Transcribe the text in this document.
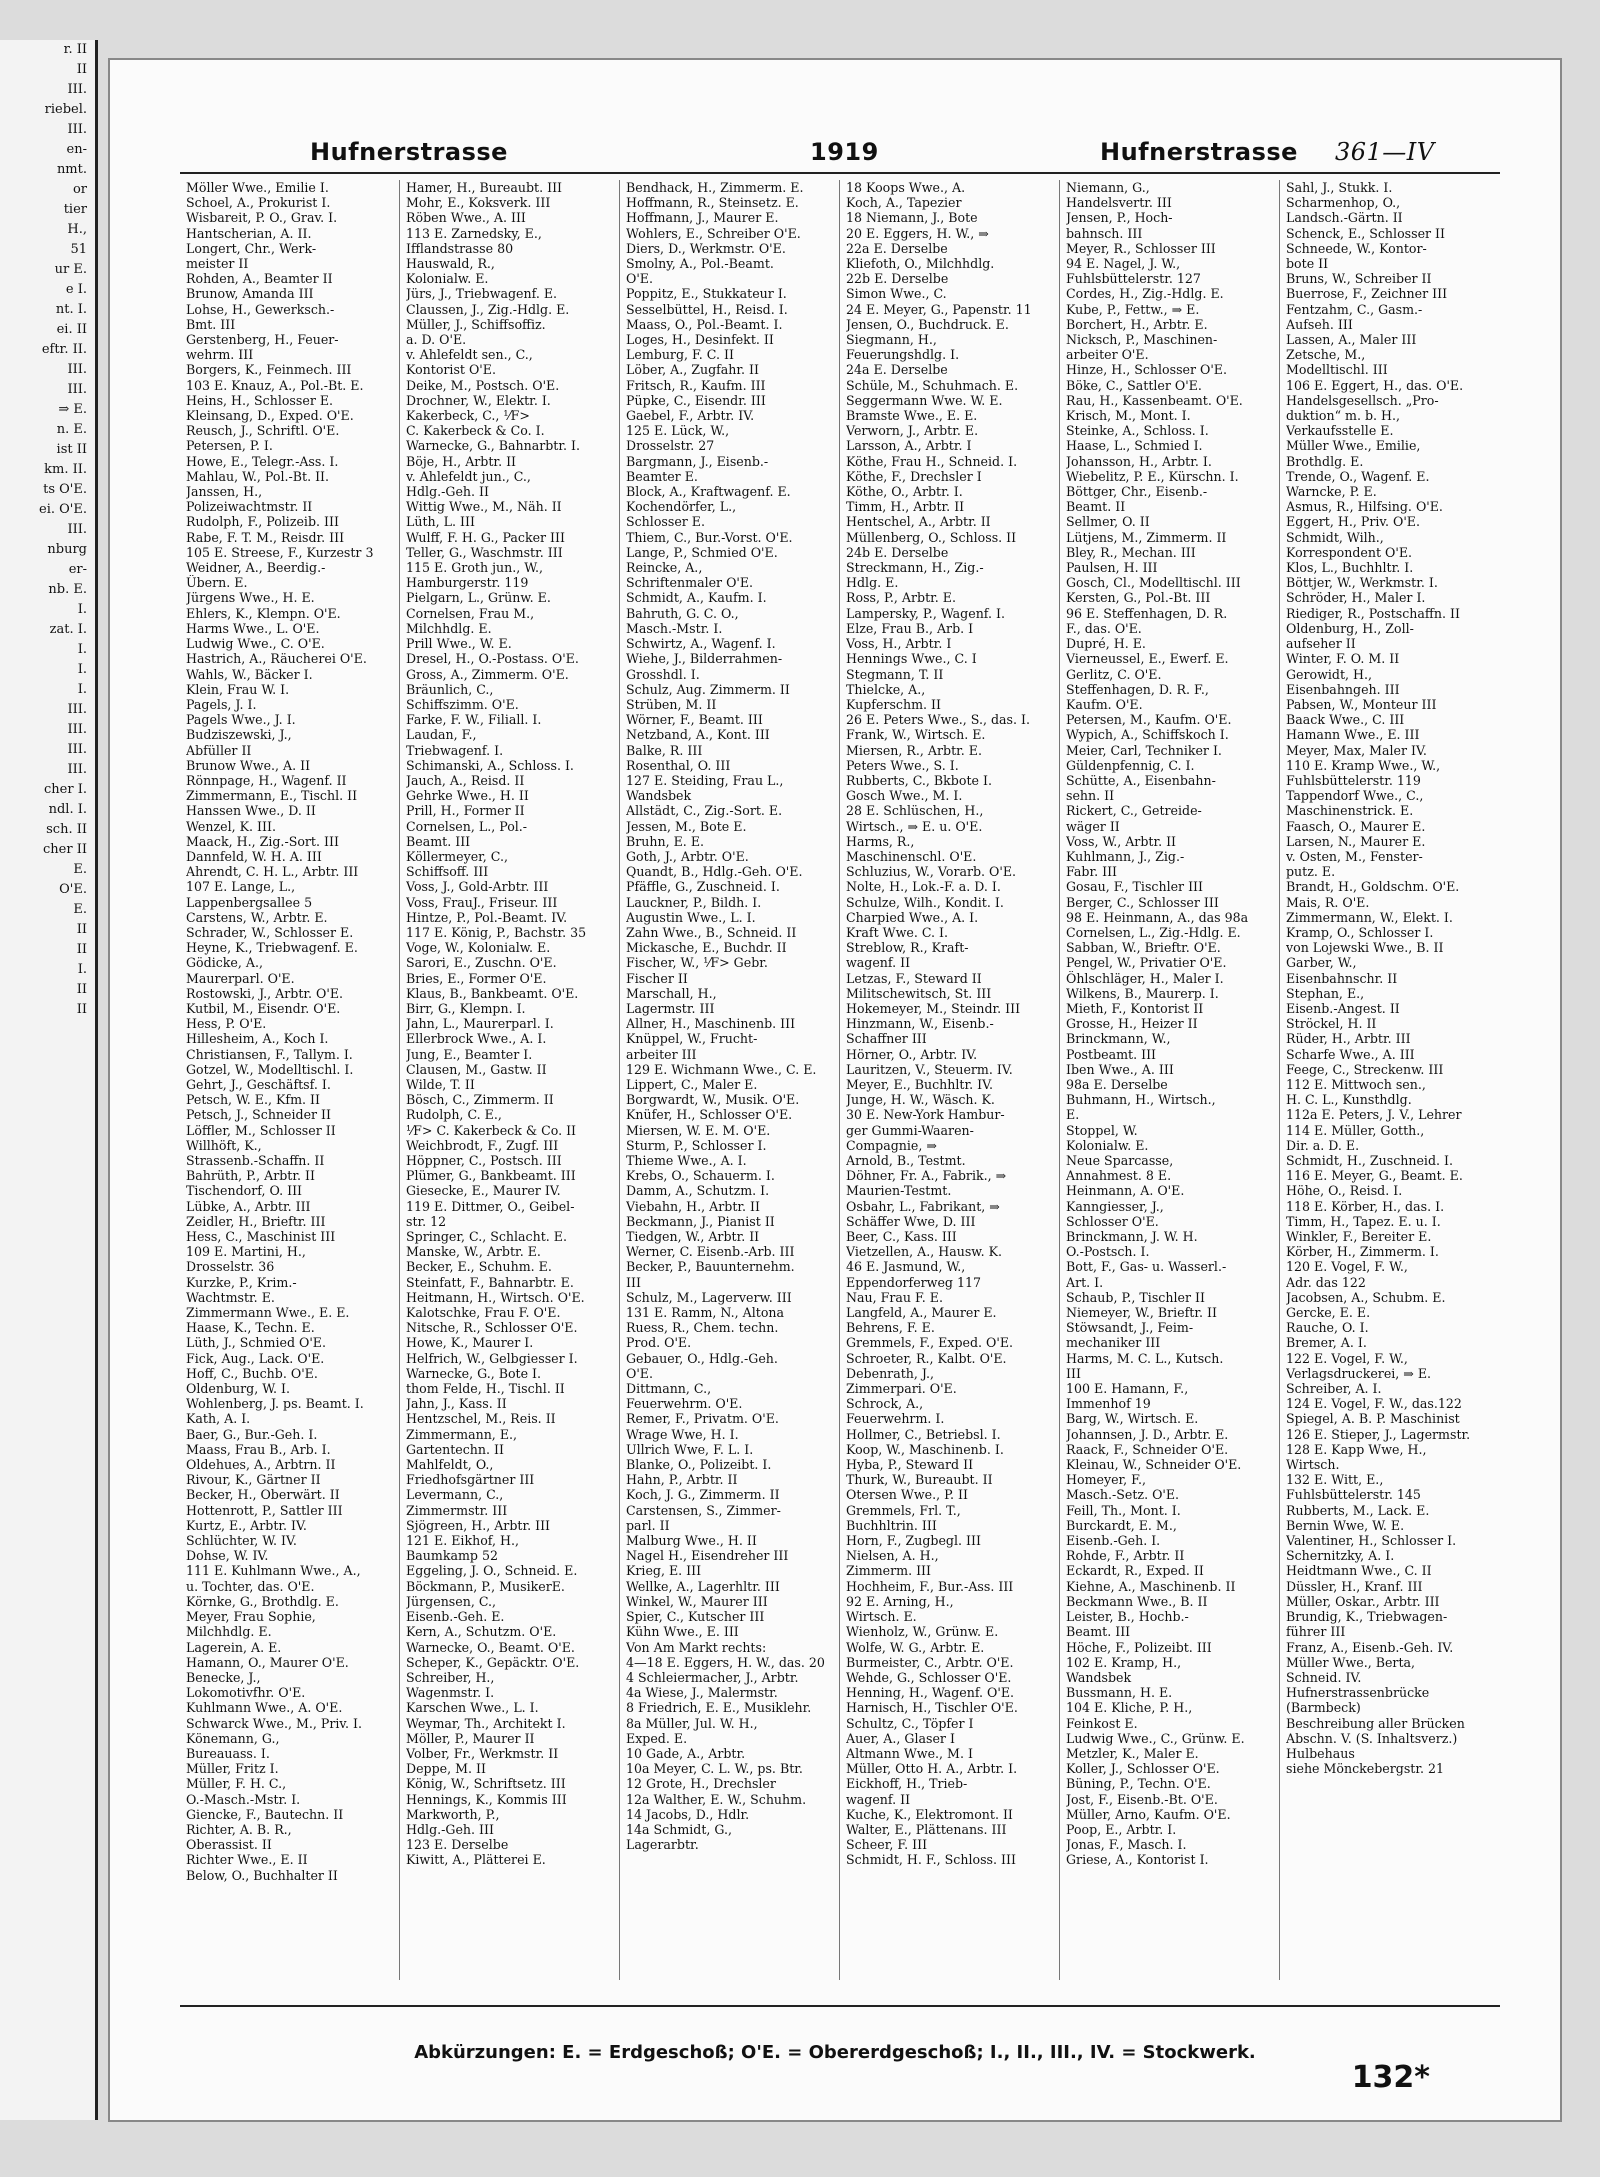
r. II
II
III.
riebel.
III.
en-
nmt.
or
tier
H.,
51
ur E.
e I.
nt. I.
ei. II
eftr. II.
III.
III.
⇒ E.
n. E.
ist II
km. II.
ts O'E.
ei. O'E.
III.
nburg
er-
nb. E.
I.
zat. I.
I.
I.
I.
III.
III.
III.
III.
cher I.
ndl. I.
sch. II
cher II
E.
O'E.
E.
II
II
I.
II
II
Hufnerstrasse	1919	Hufnerstrasse 361—IV
Möller Wwe., Emilie I.
Schoel, A., Prokurist I.
Wisbareit, P. O., Grav. I.
Hantscherian, A. II.
Longert, Chr., Werk-
meister II
Rohden, A., Beamter II
Brunow, Amanda III
Lohse, H., Gewerksch.-
Bmt. III
Gerstenberg, H., Feuer-
wehrm. III
Borgers, K., Feinmech. III
103 E. Knauz, A., Pol.-Bt. E.
Heins, H., Schlosser E.
Kleinsang, D., Exped. O'E.
Reusch, J., Schriftl. O'E.
Petersen, P. I.
Howe, E., Telegr.-Ass. I.
Mahlau, W., Pol.-Bt. II.
Janssen, H.,
Polizeiwachtmstr. II
Rudolph, F., Polizeib. III
Rabe, F. T. M., Reisdr. III
105 E. Streese, F., Kurzestr 3
Weidner, A., Beerdig.-
Übern. E.
Jürgens Wwe., H. E.
Ehlers, K., Klempn. O'E.
Harms Wwe., L. O'E.
Ludwig Wwe., C. O'E.
Hastrich, A., Räucherei O'E.
Wahls, W., Bäcker I.
Klein, Frau W. I.
Pagels, J. I.
Pagels Wwe., J. I.
Budziszewski, J.,
Abfüller II
Brunow Wwe., A. II
Rönnpage, H., Wagenf. II
Zimmermann, E., Tischl. II
Hanssen Wwe., D. II
Wenzel, K. III.
Maack, H., Zig.-Sort. III
Dannfeld, W. H. A. III
Ahrendt, C. H. L., Arbtr. III
107 E. Lange, L.,
Lappenbergsallee 5
Carstens, W., Arbtr. E.
Schrader, W., Schlosser E.
Heyne, K., Triebwagenf. E.
Gödicke, A.,
Maurerparl. O'E.
Rostowski, J., Arbtr. O'E.
Kutbil, M., Eisendr. O'E.
Hess, P. O'E.
Hillesheim, A., Koch I.
Christiansen, F., Tallym. I.
Gotzel, W., Modelltischl. I.
Gehrt, J., Geschäftsf. I.
Petsch, W. E., Kfm. II
Petsch, J., Schneider II
Löffler, M., Schlosser II
Willhöft, K.,
Strassenb.-Schaffn. II
Bahrüth, P., Arbtr. II
Tischendorf, O. III
Lübke, A., Arbtr. III
Zeidler, H., Brieftr. III
Hess, C., Maschinist III
109 E. Martini, H.,
Drosselstr. 36
Kurzke, P., Krim.-
Wachtmstr. E.
Zimmermann Wwe., E. E.
Haase, K., Techn. E.
Lüth, J., Schmied O'E.
Fick, Aug., Lack. O'E.
Hoff, C., Buchb. O'E.
Oldenburg, W. I.
Wohlenberg, J. ps. Beamt. I.
Kath, A. I.
Baer, G., Bur.-Geh. I.
Maass, Frau B., Arb. I.
Oldehues, A., Arbtrn. II
Rivour, K., Gärtner II
Becker, H., Oberwärt. II
Hottenrott, P., Sattler III
Kurtz, E., Arbtr. IV.
Schlüchter, W. IV.
Dohse, W. IV.
111 E. Kuhlmann Wwe., A.,
u. Tochter, das. O'E.
Körnke, G., Brothdlg. E.
Meyer, Frau Sophie,
Milchhdlg. E.
Lagerein, A. E.
Hamann, O., Maurer O'E.
Benecke, J.,
Lokomotivfhr. O'E.
Kuhlmann Wwe., A. O'E.
Schwarck Wwe., M., Priv. I.
Könemann, G.,
Bureauass. I.
Müller, Fritz I.
Müller, F. H. C.,
O.-Masch.-Mstr. I.
Giencke, F., Bautechn. II
Richter, A. B. R.,
Oberassist. II
Richter Wwe., E. II
Below, O., Buchhalter II
Hamer, H., Bureaubt. III
Mohr, E., Koksverk. III
Röben Wwe., A. III
113 E. Zarnedsky, E.,
Ifflandstrasse 80
Hauswald, R.,
Kolonialw. E.
Jürs, J., Triebwagenf. E.
Claussen, J., Zig.-Hdlg. E.
Müller, J., Schiffsoffiz.
a. D. O'E.
v. Ahlefeldt sen., C.,
Kontorist O'E.
Deike, M., Postsch. O'E.
Drochner, W., Elektr. I.
Kakerbeck, C., ⅟F>
C. Kakerbeck & Co. I.
Warnecke, G., Bahnarbtr. I.
Böje, H., Arbtr. II
v. Ahlefeldt jun., C.,
Hdlg.-Geh. II
Wittig Wwe., M., Näh. II
Lüth, L. III
Wulff, F. H. G., Packer III
Teller, G., Waschmstr. III
115 E. Groth jun., W.,
Hamburgerstr. 119
Pielgarn, L., Grünw. E.
Cornelsen, Frau M.,
Milchhdlg. E.
Prill Wwe., W. E.
Dresel, H., O.-Postass. O'E.
Gross, A., Zimmerm. O'E.
Bräunlich, C.,
Schiffszimm. O'E.
Farke, F. W., Filiall. I.
Laudan, F.,
Triebwagenf. I.
Schimanski, A., Schloss. I.
Jauch, A., Reisd. II
Gehrke Wwe., H. II
Prill, H., Former II
Cornelsen, L., Pol.-
Beamt. III
Köllermeyer, C.,
Schiffsoff. III
Voss, J., Gold-Arbtr. III
Voss, FrauJ., Friseur. III
Hintze, P., Pol.-Beamt. IV.
117 E. König, P., Bachstr. 35
Voge, W., Kolonialw. E.
Sarori, E., Zuschn. O'E.
Bries, E., Former O'E.
Klaus, B., Bankbeamt. O'E.
Birr, G., Klempn. I.
Jahn, L., Maurerparl. I.
Ellerbrock Wwe., A. I.
Jung, E., Beamter I.
Clausen, M., Gastw. II
Wilde, T. II
Bösch, C., Zimmerm. II
Rudolph, C. E.,
⅟F> C. Kakerbeck & Co. II
Weichbrodt, F., Zugf. III
Höppner, C., Postsch. III
Plümer, G., Bankbeamt. III
Giesecke, E., Maurer IV.
119 E. Dittmer, O., Geibel-
str. 12
Springer, C., Schlacht. E.
Manske, W., Arbtr. E.
Becker, E., Schuhm. E.
Steinfatt, F., Bahnarbtr. E.
Heitmann, H., Wirtsch. O'E.
Kalotschke, Frau F. O'E.
Nitsche, R., Schlosser O'E.
Howe, K., Maurer I.
Helfrich, W., Gelbgiesser I.
Warnecke, G., Bote I.
thom Felde, H., Tischl. II
Jahn, J., Kass. II
Hentzschel, M., Reis. II
Zimmermann, E.,
Gartentechn. II
Mahlfeldt, O.,
Friedhofsgärtner III
Levermann, C.,
Zimmermstr. III
Sjögreen, H., Arbtr. III
121 E. Eikhof, H.,
Baumkamp 52
Eggeling, J. O., Schneid. E.
Böckmann, P., MusikerE.
Jürgensen, C.,
Eisenb.-Geh. E.
Kern, A., Schutzm. O'E.
Warnecke, O., Beamt. O'E.
Scheper, K., Gepäcktr. O'E.
Schreiber, H.,
Wagenmstr. I.
Karschen Wwe., L. I.
Weymar, Th., Architekt I.
Möller, P., Maurer II
Volber, Fr., Werkmstr. II
Deppe, M. II
König, W., Schriftsetz. III
Hennings, K., Kommis III
Markworth, P.,
Hdlg.-Geh. III
123 E. Derselbe
Kiwitt, A., Plätterei E.
Bendhack, H., Zimmerm. E.
Hoffmann, R., Steinsetz. E.
Hoffmann, J., Maurer E.
Wohlers, E., Schreiber O'E.
Diers, D., Werkmstr. O'E.
Smolny, A., Pol.-Beamt.
O'E.
Poppitz, E., Stukkateur I.
Sesselbüttel, H., Reisd. I.
Maass, O., Pol.-Beamt. I.
Loges, H., Desinfekt. II
Lemburg, F. C. II
Löber, A., Zugfahr. II
Fritsch, R., Kaufm. III
Püpke, C., Eisendr. III
Gaebel, F., Arbtr. IV.
125 E. Lück, W.,
Drosselstr. 27
Bargmann, J., Eisenb.-
Beamter E.
Block, A., Kraftwagenf. E.
Kochendörfer, L.,
Schlosser E.
Thiem, C., Bur.-Vorst. O'E.
Lange, P., Schmied O'E.
Reincke, A.,
Schriftenmaler O'E.
Schmidt, A., Kaufm. I.
Bahruth, G. C. O.,
Masch.-Mstr. I.
Schwirtz, A., Wagenf. I.
Wiehe, J., Bilderrahmen-
Grosshdl. I.
Schulz, Aug. Zimmerm. II
Strüben, M. II
Wörner, F., Beamt. III
Netzband, A., Kont. III
Balke, R. III
Rosenthal, O. III
127 E. Steiding, Frau L.,
Wandsbek
Allstädt, C., Zig.-Sort. E.
Jessen, M., Bote E.
Bruhn, E. E.
Goth, J., Arbtr. O'E.
Quandt, B., Hdlg.-Geh. O'E.
Pfäffle, G., Zuschneid. I.
Lauckner, P., Bildh. I.
Augustin Wwe., L. I.
Zahn Wwe., B., Schneid. II
Mickasche, E., Buchdr. II
Fischer, W., ⅟F> Gebr.
Fischer II
Marschall, H.,
Lagermstr. III
Allner, H., Maschinenb. III
Knüppel, W., Frucht-
arbeiter III
129 E. Wichmann Wwe., C. E.
Lippert, C., Maler E.
Borgwardt, W., Musik. O'E.
Knüfer, H., Schlosser O'E.
Miersen, W. E. M. O'E.
Sturm, P., Schlosser I.
Thieme Wwe., A. I.
Krebs, O., Schauerm. I.
Damm, A., Schutzm. I.
Viebahn, H., Arbtr. II
Beckmann, J., Pianist II
Tiedgen, W., Arbtr. II
Werner, C. Eisenb.-Arb. III
Becker, P., Bauunternehm.
III
Schulz, M., Lagerverw. III
131 E. Ramm, N., Altona
Ruess, R., Chem. techn.
Prod. O'E.
Gebauer, O., Hdlg.-Geh.
O'E.
Dittmann, C.,
Feuerwehrm. O'E.
Remer, F., Privatm. O'E.
Wrage Wwe, H. I.
Ullrich Wwe, F. L. I.
Blanke, O., Polizeibt. I.
Hahn, P., Arbtr. II
Koch, J. G., Zimmerm. II
Carstensen, S., Zimmer-
parl. II
Malburg Wwe., H. II
Nagel H., Eisendreher III
Krieg, E. III
Wellke, A., Lagerhltr. III
Winkel, W., Maurer III
Spier, C., Kutscher III
Kühn Wwe., E. III
Von Am Markt rechts:
4—18 E. Eggers, H. W., das. 20
4 Schleiermacher, J., Arbtr.
4a Wiese, J., Malermstr.
8 Friedrich, E. E., Musiklehr.
8a Müller, Jul. W. H.,
Exped. E.
10 Gade, A., Arbtr.
10a Meyer, C. L. W., ps. Btr.
12 Grote, H., Drechsler
12a Walther, E. W., Schuhm.
14 Jacobs, D., Hdlr.
14a Schmidt, G.,
Lagerarbtr.
18 Koops Wwe., A.
Koch, A., Tapezier
18 Niemann, J., Bote
20 E. Eggers, H. W., ⇒
22a E. Derselbe
Kliefoth, O., Milchhdlg.
22b E. Derselbe
Simon Wwe., C.
24 E. Meyer, G., Papenstr. 11
Jensen, O., Buchdruck. E.
Siegmann, H.,
Feuerungshdlg. I.
24a E. Derselbe
Schüle, M., Schuhmach. E.
Seggermann Wwe. W. E.
Bramste Wwe., E. E.
Verworn, J., Arbtr. E.
Larsson, A., Arbtr. I
Köthe, Frau H., Schneid. I.
Köthe, F., Drechsler I
Köthe, O., Arbtr. I.
Timm, H., Arbtr. II
Hentschel, A., Arbtr. II
Müllenberg, O., Schloss. II
24b E. Derselbe
Streckmann, H., Zig.-
Hdlg. E.
Ross, P., Arbtr. E.
Lampersky, P., Wagenf. I.
Elze, Frau B., Arb. I
Voss, H., Arbtr. I
Hennings Wwe., C. I
Stegmann, T. II
Thielcke, A.,
Kupferschm. II
26 E. Peters Wwe., S., das. I.
Frank, W., Wirtsch. E.
Miersen, R., Arbtr. E.
Peters Wwe., S. I.
Rubberts, C., Bkbote I.
Gosch Wwe., M. I.
28 E. Schlüschen, H.,
Wirtsch., ⇒ E. u. O'E.
Harms, R.,
Maschinenschl. O'E.
Schluzius, W., Vorarb. O'E.
Nolte, H., Lok.-F. a. D. I.
Schulze, Wilh., Kondit. I.
Charpied Wwe., A. I.
Kraft Wwe. C. I.
Streblow, R., Kraft-
wagenf. II
Letzas, F., Steward II
Militschewitsch, St. III
Hokemeyer, M., Steindr. III
Hinzmann, W., Eisenb.-
Schaffner III
Hörner, O., Arbtr. IV.
Lauritzen, V., Steuerm. IV.
Meyer, E., Buchhltr. IV.
Junge, H. W., Wäsch. K.
30 E. New-York Hambur-
ger Gummi-Waaren-
Compagnie, ⇒
Arnold, B., Testmt.
Döhner, Fr. A., Fabrik., ⇒
Maurien-Testmt.
Osbahr, L., Fabrikant, ⇒
Schäffer Wwe, D. III
Beer, C., Kass. III
Vietzellen, A., Hausw. K.
46 E. Jasmund, W.,
Eppendorferweg 117
Nau, Frau F. E.
Langfeld, A., Maurer E.
Behrens, F. E.
Gremmels, F., Exped. O'E.
Schroeter, R., Kalbt. O'E.
Debenrath, J.,
Zimmerpari. O'E.
Schrock, A.,
Feuerwehrm. I.
Hollmer, C., Betriebsl. I.
Koop, W., Maschinenb. I.
Hyba, P., Steward II
Thurk, W., Bureaubt. II
Otersen Wwe., P. II
Gremmels, Frl. T.,
Buchhltrin. III
Horn, F., Zugbegl. III
Nielsen, A. H.,
Zimmerm. III
Hochheim, F., Bur.-Ass. III
92 E. Arning, H.,
Wirtsch. E.
Wienholz, W., Grünw. E.
Wolfe, W. G., Arbtr. E.
Burmeister, C., Arbtr. O'E.
Wehde, G., Schlosser O'E.
Henning, H., Wagenf. O'E.
Harnisch, H., Tischler O'E.
Schultz, C., Töpfer I
Auer, A., Glaser I
Altmann Wwe., M. I
Müller, Otto H. A., Arbtr. I.
Eickhoff, H., Trieb-
wagenf. II
Kuche, K., Elektromont. II
Walter, E., Plättenans. III
Scheer, F. III
Schmidt, H. F., Schloss. III
Niemann, G.,
Handelsvertr. III
Jensen, P., Hoch-
bahnsch. III
Meyer, R., Schlosser III
94 E. Nagel, J. W.,
Fuhlsbüttelerstr. 127
Cordes, H., Zig.-Hdlg. E.
Kube, P., Fettw., ⇒ E.
Borchert, H., Arbtr. E.
Nicksch, P., Maschinen-
arbeiter O'E.
Hinze, H., Schlosser O'E.
Böke, C., Sattler O'E.
Rau, H., Kassenbeamt. O'E.
Krisch, M., Mont. I.
Steinke, A., Schloss. I.
Haase, L., Schmied I.
Johansson, H., Arbtr. I.
Wiebelitz, P. E., Kürschn. I.
Böttger, Chr., Eisenb.-
Beamt. II
Sellmer, O. II
Lütjens, M., Zimmerm. II
Bley, R., Mechan. III
Paulsen, H. III
Gosch, Cl., Modelltischl. III
Kersten, G., Pol.-Bt. III
96 E. Steffenhagen, D. R.
F., das. O'E.
Dupré, H. E.
Vierneussel, E., Ewerf. E.
Gerlitz, C. O'E.
Steffenhagen, D. R. F.,
Kaufm. O'E.
Petersen, M., Kaufm. O'E.
Wypich, A., Schiffskoch I.
Meier, Carl, Techniker I.
Güldenpfennig, C. I.
Schütte, A., Eisenbahn-
sehn. II
Rickert, C., Getreide-
wäger II
Voss, W., Arbtr. II
Kuhlmann, J., Zig.-
Fabr. III
Gosau, F., Tischler III
Berger, C., Schlosser III
98 E. Heinmann, A., das 98a
Cornelsen, L., Zig.-Hdlg. E.
Sabban, W., Brieftr. O'E.
Pengel, W., Privatier O'E.
Öhlschläger, H., Maler I.
Wilkens, B., Maurerp. I.
Mieth, F., Kontorist II
Grosse, H., Heizer II
Brinckmann, W.,
Postbeamt. III
Iben Wwe., A. III
98a E. Derselbe
Buhmann, H., Wirtsch.,
E.
Stoppel, W.
Kolonialw. E.
Neue Sparcasse,
Annahmest. 8 E.
Heinmann, A. O'E.
Kanngiesser, J.,
Schlosser O'E.
Brinckmann, J. W. H.
O.-Postsch. I.
Bott, F., Gas- u. Wasserl.-
Art. I.
Schaub, P., Tischler II
Niemeyer, W., Brieftr. II
Stöwsandt, J., Feim-
mechaniker III
Harms, M. C. L., Kutsch.
III
100 E. Hamann, F.,
Immenhof 19
Barg, W., Wirtsch. E.
Johannsen, J. D., Arbtr. E.
Raack, F., Schneider O'E.
Kleinau, W., Schneider O'E.
Homeyer, F.,
Masch.-Setz. O'E.
Feill, Th., Mont. I.
Burckardt, E. M.,
Eisenb.-Geh. I.
Rohde, F., Arbtr. II
Eckardt, R., Exped. II
Kiehne, A., Maschinenb. II
Beckmann Wwe., B. II
Leister, B., Hochb.-
Beamt. III
Höche, F., Polizeibt. III
102 E. Kramp, H.,
Wandsbek
Bussmann, H. E.
104 E. Kliche, P. H.,
Feinkost E.
Ludwig Wwe., C., Grünw. E.
Metzler, K., Maler E.
Koller, J., Schlosser O'E.
Büning, P., Techn. O'E.
Jost, F., Eisenb.-Bt. O'E.
Müller, Arno, Kaufm. O'E.
Poop, E., Arbtr. I.
Jonas, F., Masch. I.
Griese, A., Kontorist I.
Sahl, J., Stukk. I.
Scharmenhop, O.,
Landsch.-Gärtn. II
Schenck, E., Schlosser II
Schneede, W., Kontor-
bote II
Bruns, W., Schreiber II
Buerrose, F., Zeichner III
Fentzahm, C., Gasm.-
Aufseh. III
Lassen, A., Maler III
Zetsche, M.,
Modelltischl. III
106 E. Eggert, H., das. O'E.
Handelsgesellsch. „Pro-
duktion“ m. b. H.,
Verkaufsstelle E.
Müller Wwe., Emilie,
Brothdlg. E.
Trende, O., Wagenf. E.
Warncke, P. E.
Asmus, R., Hilfsing. O'E.
Eggert, H., Priv. O'E.
Schmidt, Wilh.,
Korrespondent O'E.
Klos, L., Buchhltr. I.
Böttjer, W., Werkmstr. I.
Schröder, H., Maler I.
Riediger, R., Postschaffn. II
Oldenburg, H., Zoll-
aufseher II
Winter, F. O. M. II
Gerowidt, H.,
Eisenbahngeh. III
Pabsen, W., Monteur III
Baack Wwe., C. III
Hamann Wwe., E. III
Meyer, Max, Maler IV.
110 E. Kramp Wwe., W.,
Fuhlsbüttelerstr. 119
Tappendorf Wwe., C.,
Maschinenstrick. E.
Faasch, O., Maurer E.
Larsen, N., Maurer E.
v. Osten, M., Fenster-
putz. E.
Brandt, H., Goldschm. O'E.
Mais, R. O'E.
Zimmermann, W., Elekt. I.
Kramp, O., Schlosser I.
von Lojewski Wwe., B. II
Garber, W.,
Eisenbahnschr. II
Stephan, E.,
Eisenb.-Angest. II
Ströckel, H. II
Rüder, H., Arbtr. III
Scharfe Wwe., A. III
Feege, C., Streckenw. III
112 E. Mittwoch sen.,
H. C. L., Kunsthdlg.
112a E. Peters, J. V., Lehrer
114 E. Müller, Gotth.,
Dir. a. D. E.
Schmidt, H., Zuschneid. I.
116 E. Meyer, G., Beamt. E.
Höhe, O., Reisd. I.
118 E. Körber, H., das. I.
Timm, H., Tapez. E. u. I.
Winkler, F., Bereiter E.
Körber, H., Zimmerm. I.
120 E. Vogel, F. W.,
Adr. das 122
Jacobsen, A., Schubm. E.
Gercke, E. E.
Rauche, O. I.
Bremer, A. I.
122 E. Vogel, F. W.,
Verlagsdruckerei, ⇒ E.
Schreiber, A. I.
124 E. Vogel, F. W., das.122
Spiegel, A. B. P. Maschinist
126 E. Stieper, J., Lagermstr.
128 E. Kapp Wwe, H.,
Wirtsch.
132 E. Witt, E.,
Fuhlsbüttelerstr. 145
Rubberts, M., Lack. E.
Bernin Wwe, W. E.
Valentiner, H., Schlosser I.
Schernitzky, A. I.
Heidtmann Wwe., C. II
Düssler, H., Kranf. III
Müller, Oskar., Arbtr. III
Brundig, K., Triebwagen-
führer III
Franz, A., Eisenb.-Geh. IV.
Müller Wwe., Berta,
Schneid. IV.
Hufnerstrassenbrücke
(Barmbeck)
Beschreibung aller Brücken
Abschn. V. (S. Inhaltsverz.)
Hulbehaus
siehe Mönckebergstr. 21
Abkürzungen: E. = Erdgeschoß; O'E. = Obererdgeschoß; I., II., III., IV. = Stockwerk.
132*
